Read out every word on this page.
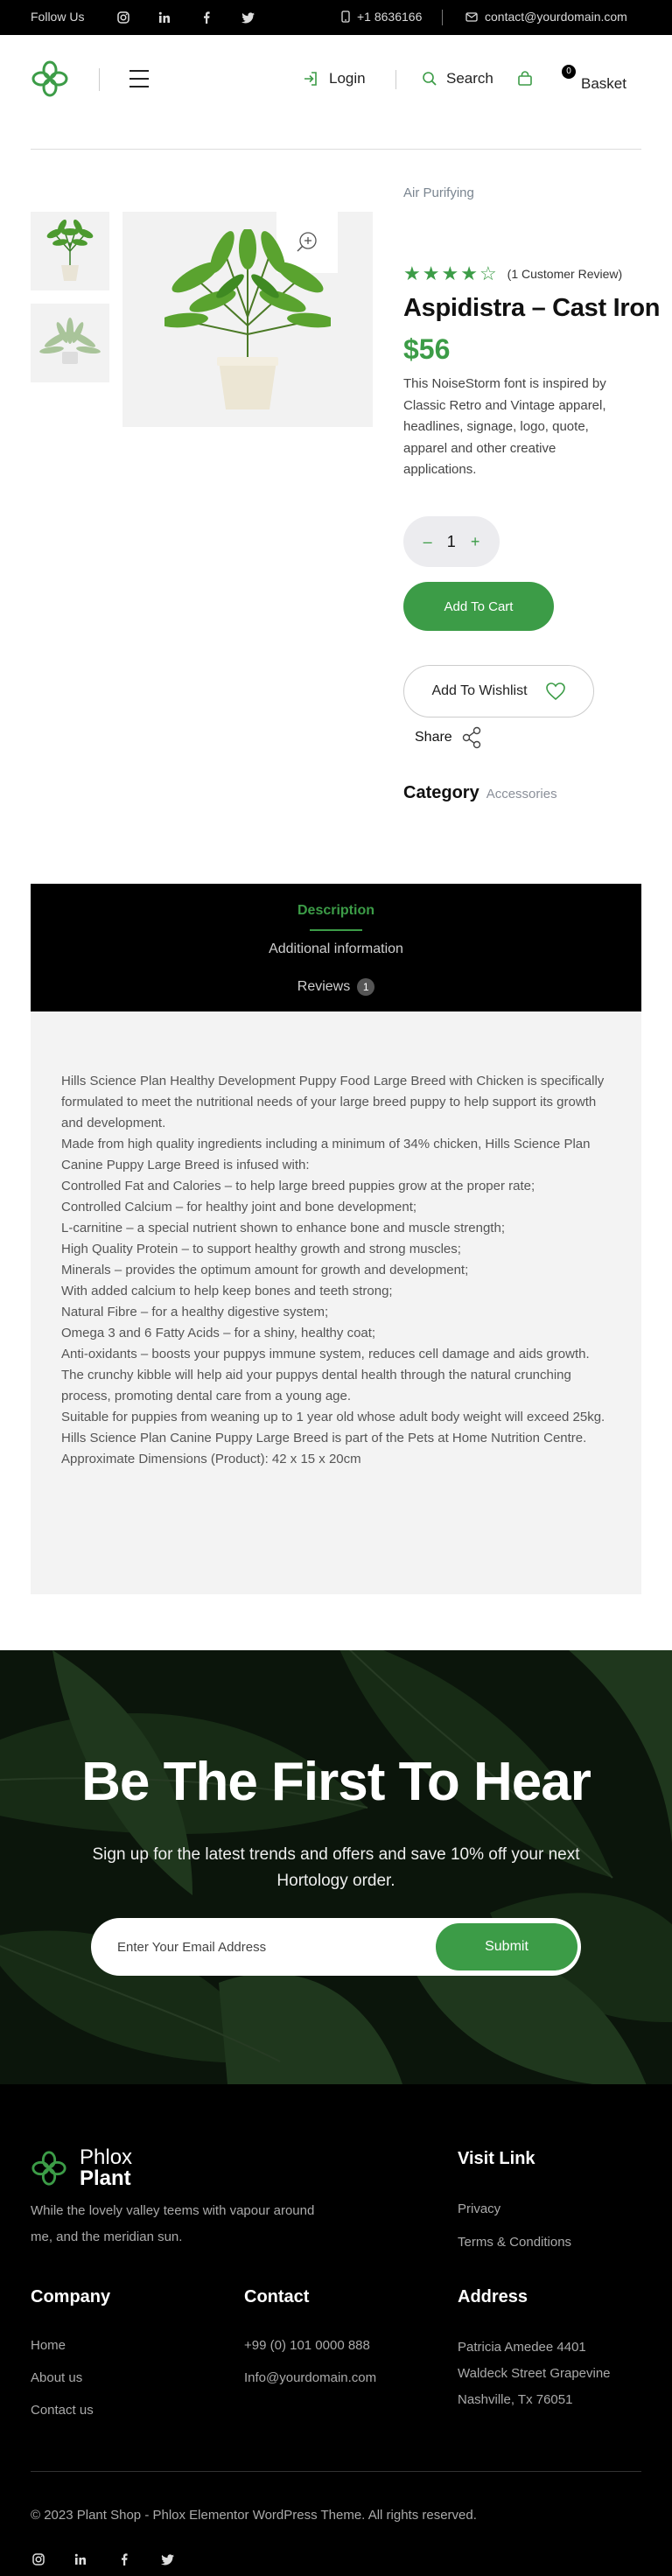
Follow Us	+1 8636166	contact@yourdomain.com
Login	Search	0
Basket
Air Purifying
★ ★ ★ ★ ☆ (1 Customer Review)
Aspidistra – Cast Iron
$56

This NoiseStorm font is inspired by Classic Retro and Vintage apparel, headlines, signage, logo, quote, apparel and other creative applications.

– 1 +
Add To Cart
Add To Wishlist
Share
Category Accessories
Description
Additional information
Reviews 1

Hills Science Plan Healthy Development Puppy Food Large Breed with Chicken is specifically formulated to meet the nutritional needs of your large breed puppy to help support its growth and development.

Made from high quality ingredients including a minimum of 34% chicken, Hills Science Plan Canine Puppy Large Breed is infused with:

Controlled Fat and Calories – to help large breed puppies grow at the proper rate;

Controlled Calcium – for healthy joint and bone development;

L-carnitine – a special nutrient shown to enhance bone and muscle strength;

High Quality Protein – to support healthy growth and strong muscles;

Minerals – provides the optimum amount for growth and development;

With added calcium to help keep bones and teeth strong;

Natural Fibre – for a healthy digestive system;

Omega 3 and 6 Fatty Acids – for a shiny, healthy coat;

Anti-oxidants – boosts your puppys immune system, reduces cell damage and aids growth.

The crunchy kibble will help aid your puppys dental health through the natural crunching process, promoting dental care from a young age.

Suitable for puppies from weaning up to 1 year old whose adult body weight will exceed 25kg.

Hills Science Plan Canine Puppy Large Breed is part of the Pets at Home Nutrition Centre.

Approximate Dimensions (Product): 42 x 15 x 20cm

Be The First To Hear

Sign up for the latest trends and offers and save 10% off your next Hortology order.

Enter Your Email Address
Submit
Phlox
Plant

While the lovely valley teems with vapour around me, and the meridian sun.

Visit Link
Privacy
Terms & Conditions
Company
Home
About us
Contact us
Contact
+99 (0) 101 0000 888
Info@yourdomain.com
Address
Patricia Amedee 4401
Waldeck Street Grapevine
Nashville, Tx 76051
© 2023 Plant Shop - Phlox Elementor WordPress Theme. All rights reserved.
